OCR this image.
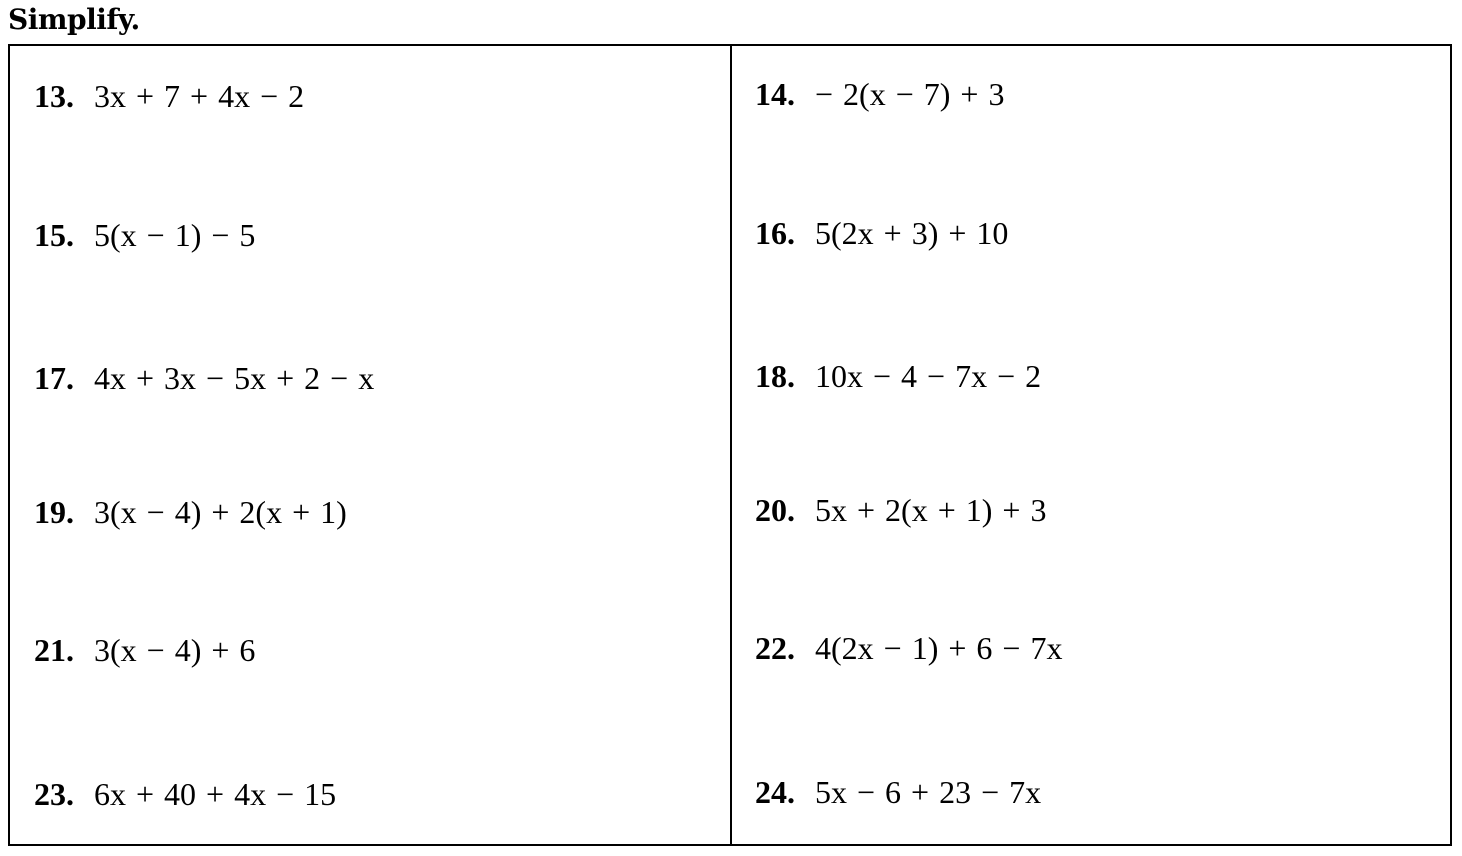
Simplify.
13. 3x + 7 + 4x − 2	14. − 2(x − 7) + 3
15. 5(x − 1) − 5	16. 5(2x + 3) + 10
17. 4x + 3x − 5x + 2 − x	18. 10x − 4 − 7x − 2
19. 3(x − 4) + 2(x + 1)	20. 5x + 2(x + 1) + 3
21. 3(x − 4) + 6	22. 4(2x − 1) + 6 − 7x
23. 6x + 40 + 4x − 15	24. 5x − 6 + 23 − 7x
